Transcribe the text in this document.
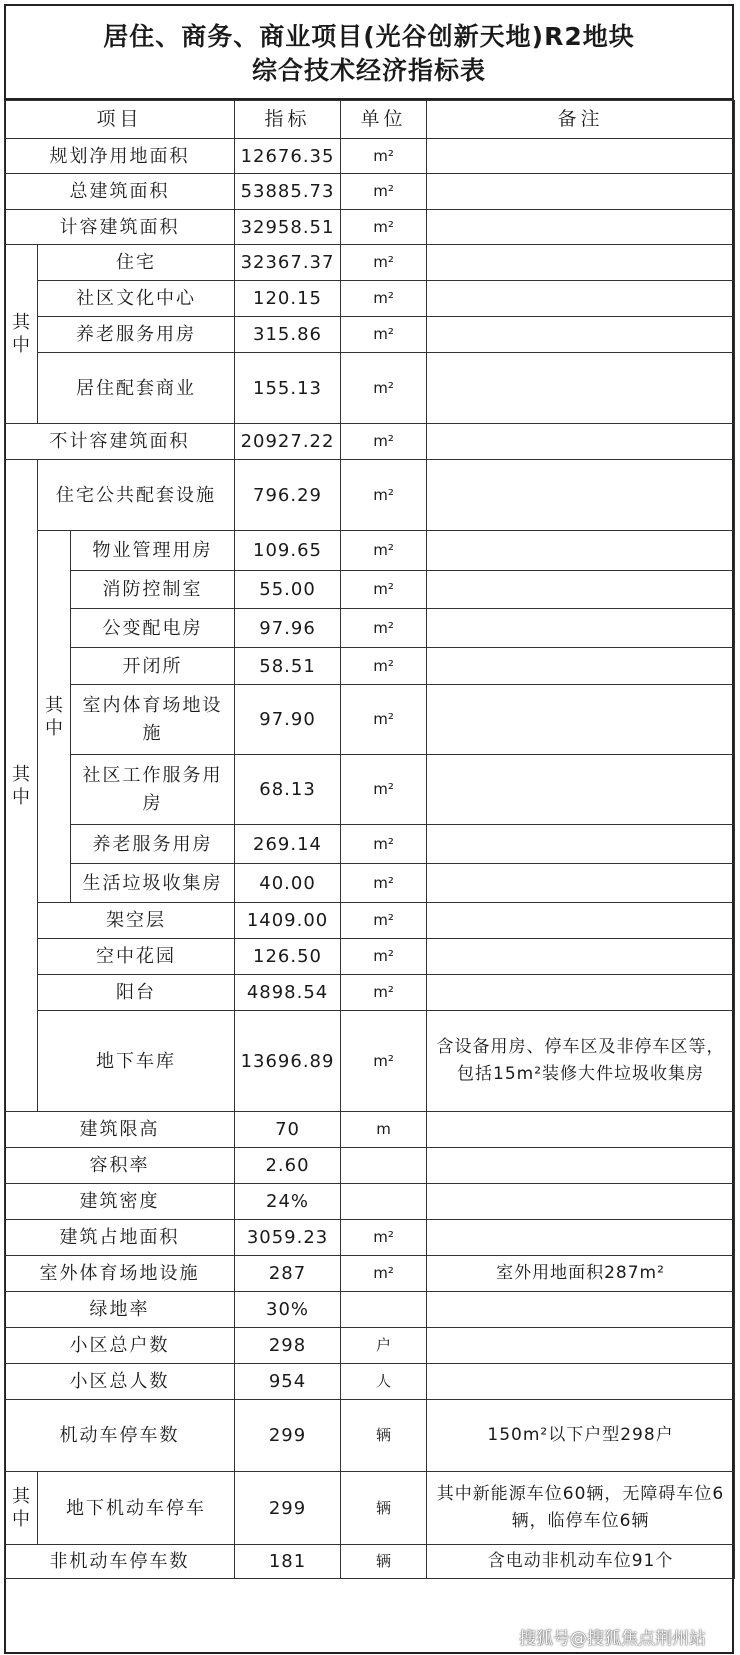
居住、商务、商业项目(光谷创新天地)R2地块
综合技术经济指标表
项目			指标	单位	备注
规划净用地面积			12676.35	m²	
总建筑面积			53885.73	m²	
计容建筑面积			32958.51	m²	
其中	住宅		32367.37	m²	
	社区文化中心		120.15	m²	
	养老服务用房		315.86	m²	
	居住配套商业		155.13	m²	
不计容建筑面积			20927.22	m²	
其中	住宅公共配套设施		796.29	m²	
	其中	物业管理用房	109.65	m²	
		消防控制室	55.00	m²	
		公变配电房	97.96	m²	
		开闭所	58.51	m²	
		室内体育场地设施	97.90	m²	
		社区工作服务用房	68.13	m²	
		养老服务用房	269.14	m²	
		生活垃圾收集房	40.00	m²	
	架空层		1409.00	m²	
	空中花园		126.50	m²	
	阳台		4898.54	m²	
	地下车库		13696.89	m²	含设备用房、停车区及非停车区等，包括15m²装修大件垃圾收集房
建筑限高			70	m	
容积率			2.60		
建筑密度			24%		
建筑占地面积			3059.23	m²	
室外体育场地设施			287	m²	室外用地面积287m²
绿地率			30%		
小区总户数			298	户	
小区总人数			954	人	
机动车停车数			299	辆	150m²以下户型298户
其中	地下机动车停车		299	辆	其中新能源车位60辆，无障碍车位6辆，临停车位6辆
非机动车停车数			181	辆	含电动非机动车位91个
搜狐号@搜狐焦点荆州站
